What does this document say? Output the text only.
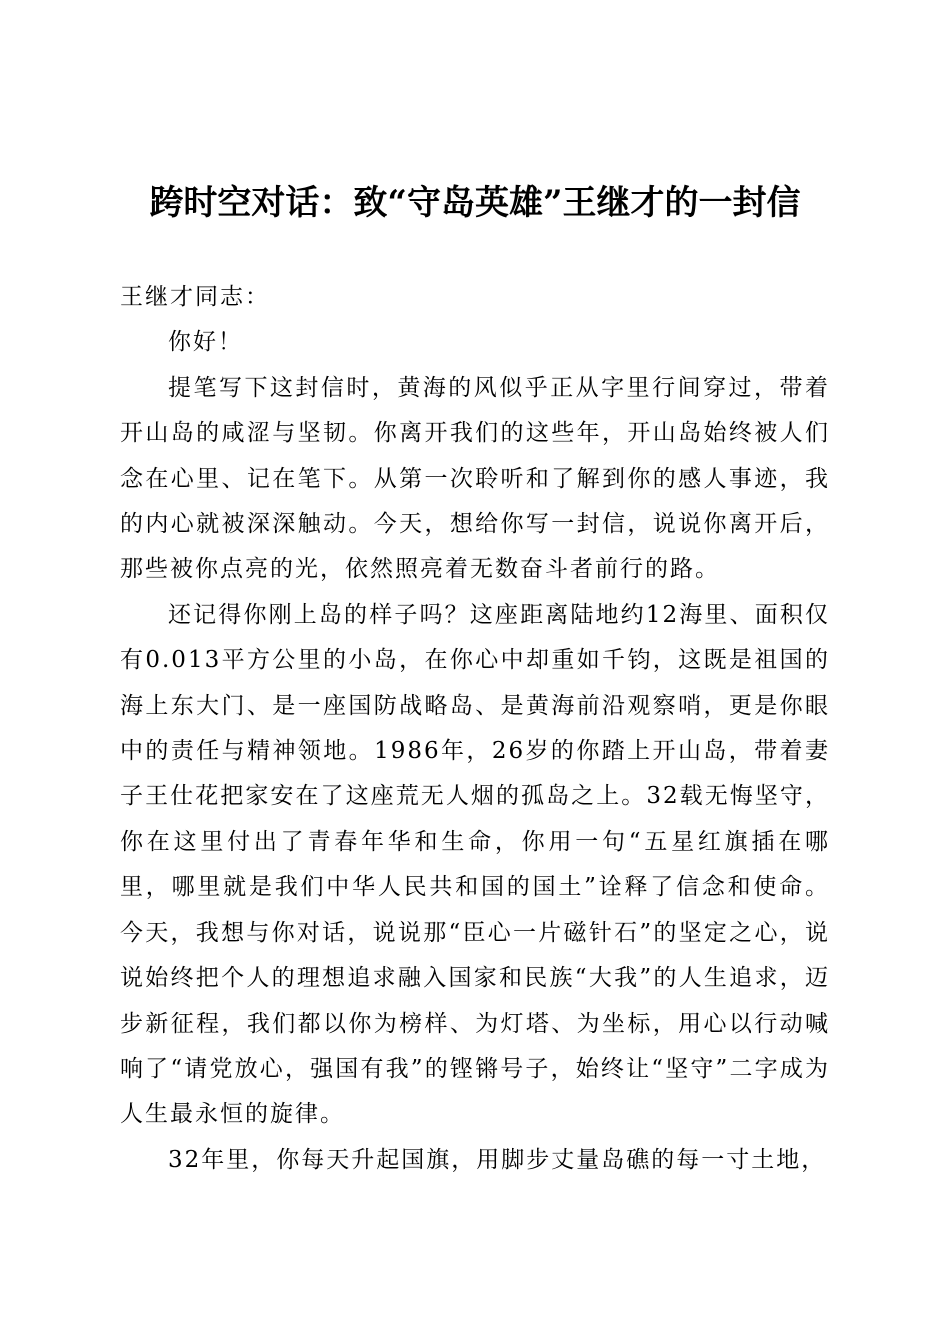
跨时空对话：致“守岛英雄”王继才的一封信

王继才同志：

你好！

提笔写下这封信时，黄海的风似乎正从字里行间穿过，带着开山岛的咸涩与坚韧。你离开我们的这些年，开山岛始终被人们念在心里、记在笔下。从第一次聆听和了解到你的感人事迹，我的内心就被深深触动。今天，想给你写一封信，说说你离开后，那些被你点亮的光，依然照亮着无数奋斗者前行的路。

还记得你刚上岛的样子吗？这座距离陆地约12海里、面积仅有0.013平方公里的小岛，在你心中却重如千钧，这既是祖国的海上东大门、是一座国防战略岛、是黄海前沿观察哨，更是你眼中的责任与精神领地。1986年，26岁的你踏上开山岛，带着妻子王仕花把家安在了这座荒无人烟的孤岛之上。32载无悔坚守，你在这里付出了青春年华和生命，你用一句“五星红旗插在哪里，哪里就是我们中华人民共和国的国土”诠释了信念和使命。今天，我想与你对话，说说那“臣心一片磁针石”的坚定之心，说说始终把个人的理想追求融入国家和民族“大我”的人生追求，迈步新征程，我们都以你为榜样、为灯塔、为坐标，用心以行动喊响了“请党放心，强国有我”的铿锵号子，始终让“坚守”二字成为人生最永恒的旋律。

32年里，你每天升起国旗，用脚步丈量岛礁的每一寸土地，
